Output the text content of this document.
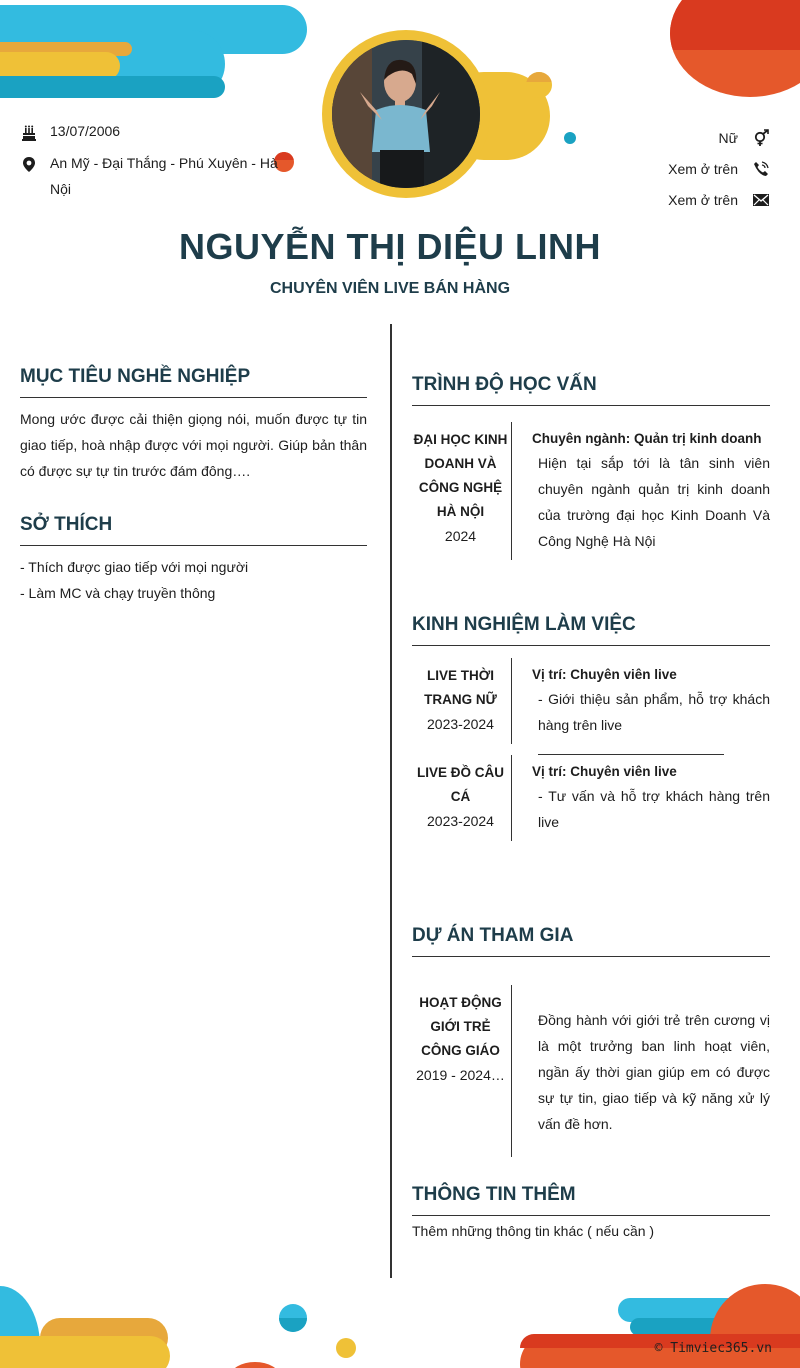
13/07/2006
An Mỹ - Đại Thắng - Phú Xuyên - Hà Nội
Nữ
Xem ở trên
Xem ở trên
NGUYỄN THỊ DIỆU LINH
CHUYÊN VIÊN LIVE BÁN HÀNG
MỤC TIÊU NGHỀ NGHIỆP
Mong ước được cải thiện giọng nói, muốn được tự tin giao tiếp, hoà nhập được với mọi người. Giúp bản thân có được sự tự tin trước đám đông….
SỞ THÍCH
- Thích được giao tiếp với mọi người
- Làm MC và chạy truyền thông
TRÌNH ĐỘ HỌC VẤN
ĐẠI HỌC KINH DOANH VÀ CÔNG NGHỆ HÀ NỘI
2024
Chuyên ngành: Quản trị kinh doanh
Hiện tại sắp tới là tân sinh viên chuyên ngành quản trị kinh doanh của trường đại học Kinh Doanh Và Công Nghệ Hà Nội
KINH NGHIỆM LÀM VIỆC
LIVE THỜI TRANG NỮ
2023-2024
Vị trí: Chuyên viên live
- Giới thiệu sản phẩm, hỗ trợ khách hàng trên live
LIVE ĐỒ CÂU CÁ
2023-2024
Vị trí: Chuyên viên live
- Tư vấn và hỗ trợ khách hàng trên live
DỰ ÁN THAM GIA
HOẠT ĐỘNG GIỚI TRẺ CÔNG GIÁO
2019 - 2024…
Đồng hành với giới trẻ trên cương vị là một trưởng ban linh hoạt viên, ngần ấy thời gian giúp em có được sự tự tin, giao tiếp và kỹ năng xử lý vấn đề hơn.
THÔNG TIN THÊM
Thêm những thông tin khác ( nếu cần )
© Timviec365.vn
